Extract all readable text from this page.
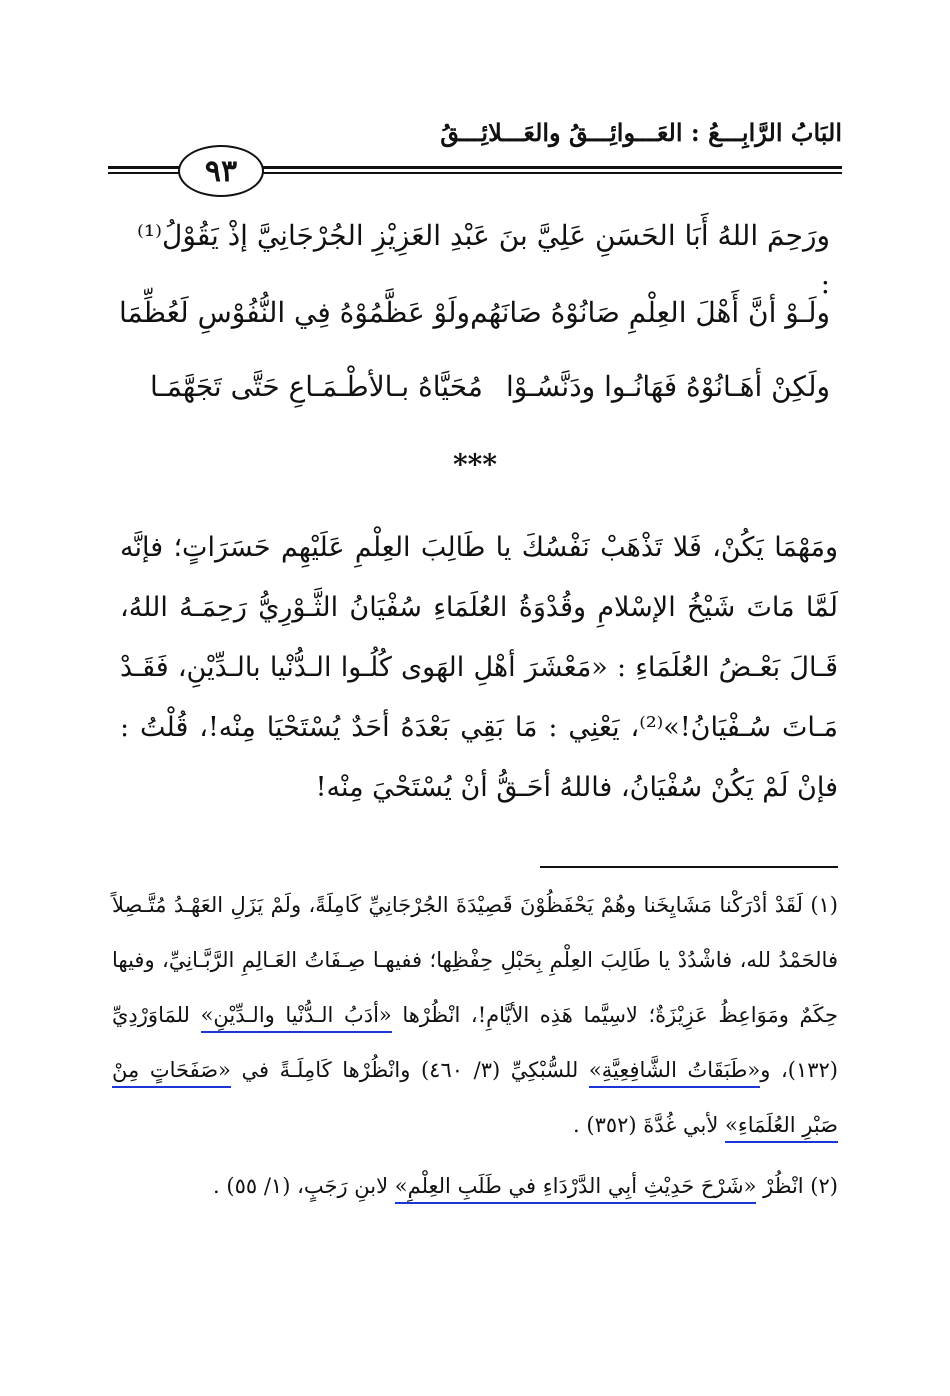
البَابُ الرَّابِـــعُ : العَـــوائِـــقُ والعَـــلائِـــقُ
٩٣
ورَحِمَ اللهُ أَبَا الحَسَنِ عَلِيَّ بنَ عَبْدِ العَزِيْزِ الجُرْجَانِيَّ إذْ يَقُوْلُ⁽¹⁾ :
ولَـوْ أنَّ أَهْلَ العِلْمِ صَانُوْهُ صَانَهُم
ولَوْ عَظَّمُوْهُ فِي النُّفُوْسِ لَعُظِّمَا
ولَكِنْ أهَـانُوْهُ فَهَانُـوا ودَنَّسُـوْا
مُحَيَّاهُ بـالأطْـمَـاعِ حَتَّى تَجَهَّمَـا
***

ومَهْمَا يَكُنْ، فَلا تَذْهَبْ نَفْسُكَ يا طَالِبَ العِلْمِ عَلَيْهِم حَسَرَاتٍ؛ فإنَّه لَمَّا مَاتَ شَيْخُ الإسْلامِ وقُدْوَةُ العُلَمَاءِ سُفْيَانُ الثَّـوْرِيُّ رَحِمَـهُ اللهُ، قَـالَ بَعْـضُ العُلَمَاءِ : «مَعْشَرَ أهْلِ الهَوى كُلُـوا الـدُّنْيا بالـدِّيْنِ، فَقَـدْ مَـاتَ سُـفْيَانُ!»⁽²⁾، يَعْنِي : مَا بَقِي بَعْدَهُ أحَدٌ يُسْتَحْيَا مِنْه!، قُلْتُ : فإنْ لَمْ يَكُنْ سُفْيَانُ، فاللهُ أحَـقُّ أنْ يُسْتَحْيَ مِنْه!

(١) لَقَدْ أدْرَكْنا مَشَايِخَنا وهُمْ يَحْفَظُوْنَ قَصِيْدَةَ الجُرْجَانِيِّ كَامِلَةً، ولَمْ يَزَلِ العَهْـدُ مُتَّـصِلاً فالحَمْدُ لله، فاشْدُدْ يا طَالِبَ العِلْمِ بِحَبْلِ حِفْظِها؛ ففيهـا صِـفَاتُ العَـالِمِ الرَّبَّـانِيِّ، وفيها حِكَمٌ ومَوَاعِظُ عَزِيْزَةٌ؛ لاسِيَّما هَذِه الأيَّامِ!، انْظُرْها «أدَبُ الـدُّنْيا والـدِّيْنِ» للمَاوَرْدِيِّ (١٣٢)، و«طَبَقَاتُ الشَّافِعِيَّةِ» للسُّبْكِيِّ (٣/ ٤٦٠) وانْظُرْها كَامِلَـةً في «صَفَحَاتٍ مِنْ صَبْرِ العُلَمَاءِ» لأبي غُدَّةَ (٣٥٢) .

(٢) انْظُرْ «شَرْحَ حَدِيْثِ أبِي الدَّرْدَاءِ في طَلَبِ العِلْمِ» لابنِ رَجَبٍ، (١/ ٥٥) .
